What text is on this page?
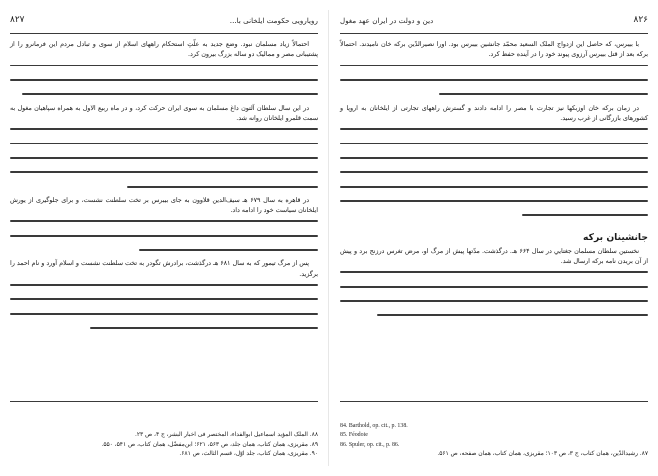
رویارویی حکومت ایلخانی با...
۸۲۷

احتمالاً زیاد مسلمان نبود. وضع جدید به علّتِ استحکام راههای اسلام از سوی و تبادل مردم این فرمانرو را از پشتیبانی مصر و ممالیک دو ساله بزرگ بیرون کرد.

در این سال سلطان آلتون داغ مسلمان به سوی ایران حرکت کرد، و در ماه ربیع الاول به همراه سپاهیان مغول به سمت قلمرو ایلخانان روانه شد.

در قاهره به سال ۶۷۹ هـ سیف‌الدین قلاوون به جای بیبرس بر تخت سلطنت نشست، و برای جلوگیری از یورش ایلخانان سیاست خود را ادامه داد.

پس از مرگ تیمور که به سال ۶۸۱ هـ درگذشت، برادرش تگودر به تخت سلطنت نشست و اسلام آورد و نام احمد را برگزید.

۸۸. الملک المؤید اسماعیل ابوالفداء، المختصر فی اخبار البشر، ج ۴، ص ۲۳.
۸۹. مقریزی، همان کتاب، همان جلد، ص ۵۶۳، ۶۲۱؛ ابن‌مفضّل، همان کتاب، ص ۵۴۱، ۵۵۰.
۹۰. مقریزی، همان کتاب، جلد اوّل، قسم الثالث، ص ۶۸۱.
۸۲۶
دین و دولت در ایران عهد مغول

با بیبرس، که حاصل این ازدواج الملک السعید محمّد جانشین بیبرس بود. اورا نصیرالدّین برکه خان نامیدند. احتمالاً برکه بعد از قتل بیبرس آرزوی پیوند خود را در آینده حفظ کرد.

در زمان برکه خان اوزبکها نیز تجارت با مصر را ادامه دادند و گسترش راههای تجارتی از ایلخانان به اروپا و کشورهای بازرگانی از غرب رسید.

جانشینان برکه

نخستین سلطان مسلمان جغتاییِ در سال ۶۶۴ هـ. درگذشت. مدّتها پیش از مرگ او، مرض تغرس درزنج برد و پیش از آن بریدن نامه برکه ارسال شد.

84. Barthold, op. cit., p. 138.
85. Féodoie
86. Spuler, op. cit., p. 86.
۸۷. رشیدالدّین، همان کتاب، ج ۳، ص ۱۰۳؛ مقریزی، همان کتاب، همان صفحه، ص ۵۶۱.
